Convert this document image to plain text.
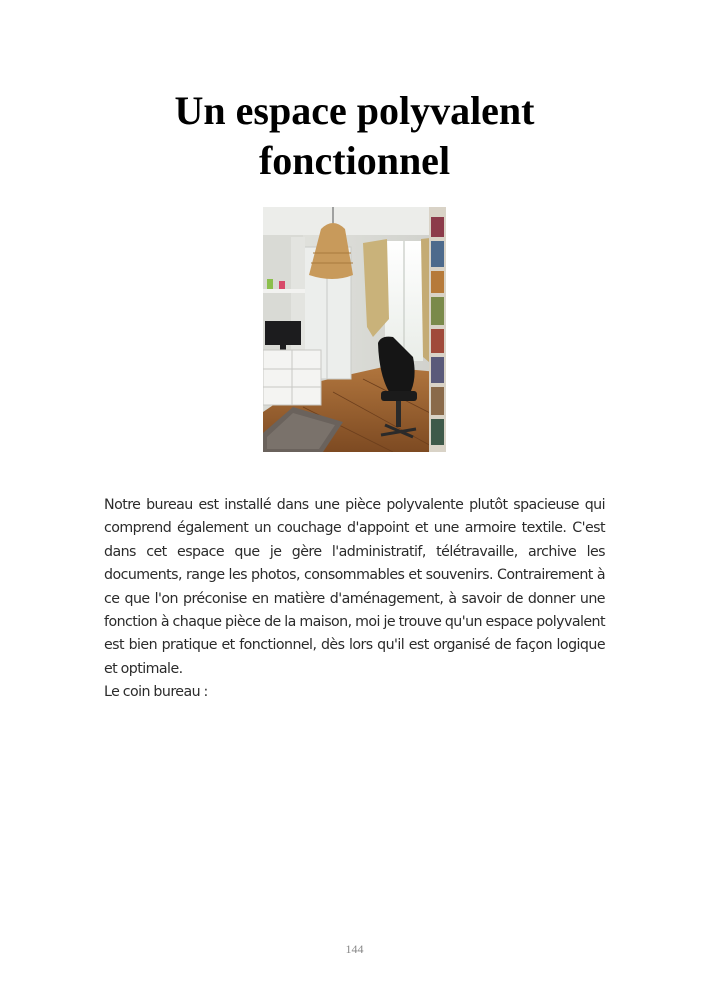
Un espace polyvalent
fonctionnel

Notre bureau est installé dans une pièce polyvalente plutôt spacieuse qui comprend également un couchage d'appoint et une armoire textile. C'est dans cet espace que je gère l'administratif, télétravaille, archive les documents, range les photos, consommables et souvenirs. Contrairement à ce que l'on préconise en matière d'aménagement, à savoir de donner une fonction à chaque pièce de la maison, moi je trouve qu'un espace polyvalent est bien pratique et fonctionnel, dès lors qu'il est organisé de façon logique et optimale.

Le coin bureau :

144
